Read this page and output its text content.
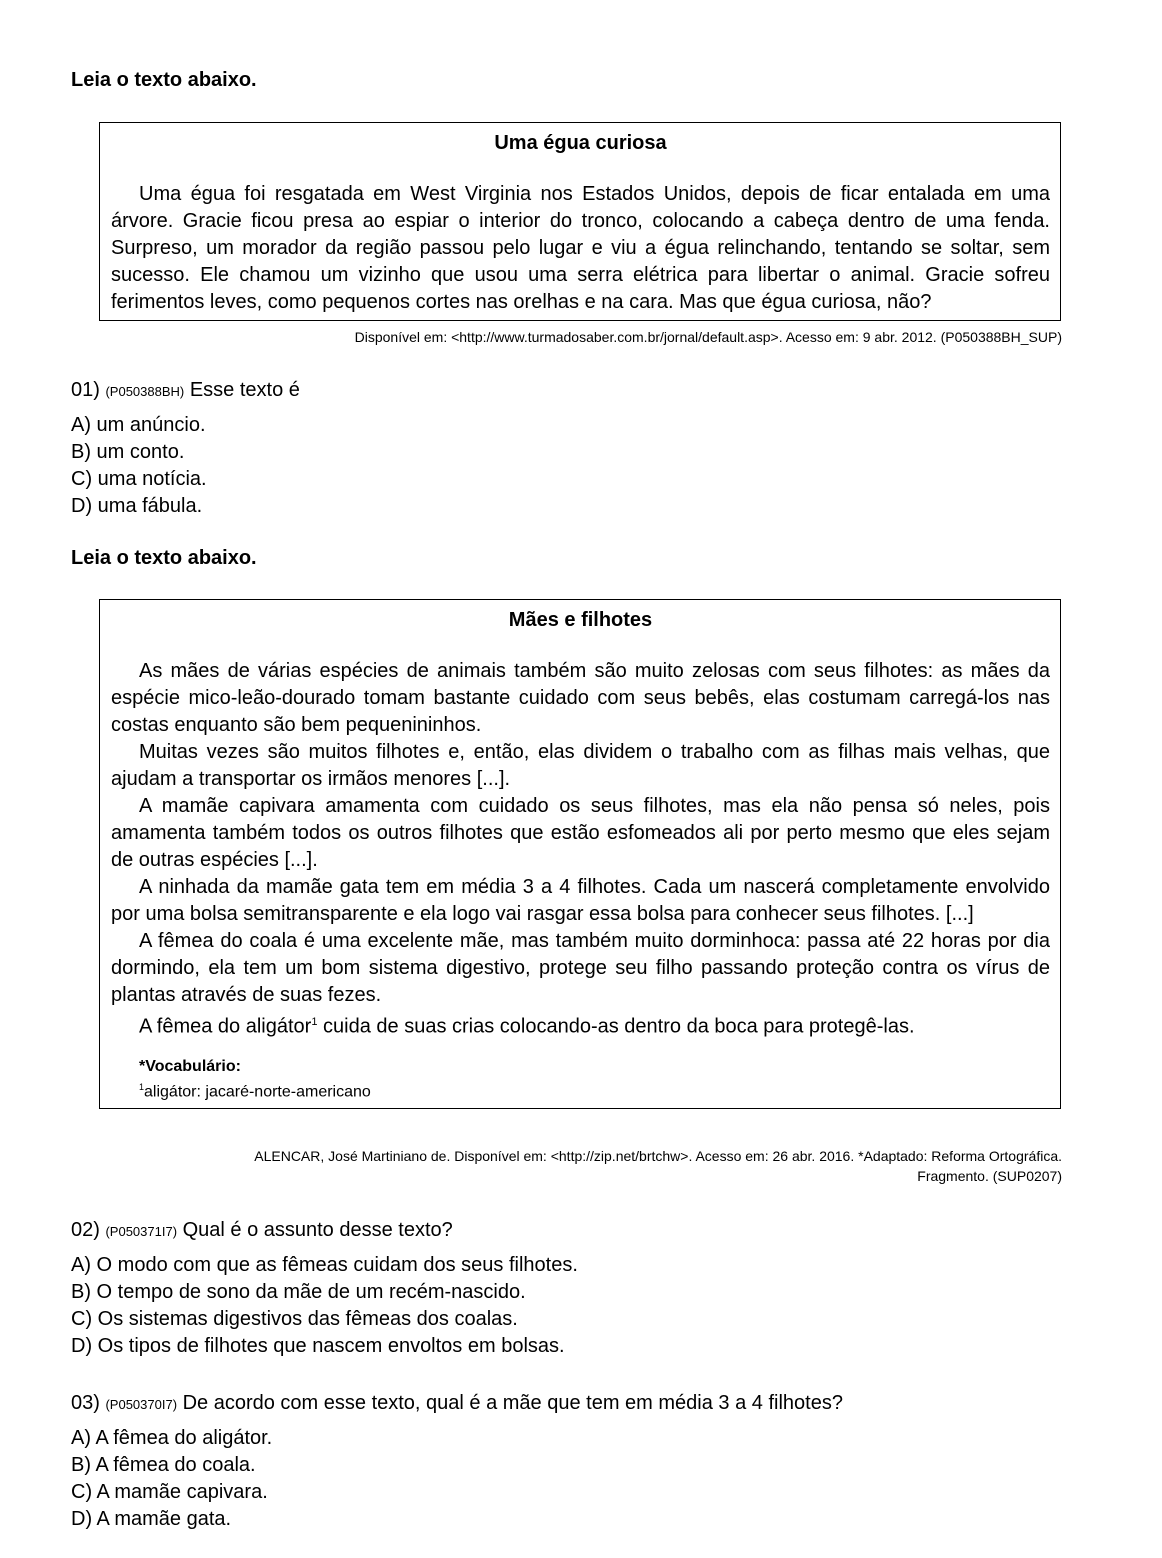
Leia o texto abaixo.
Uma égua curiosa

Uma égua foi resgatada em West Virginia nos Estados Unidos, depois de ficar entalada em uma árvore. Gracie ficou presa ao espiar o interior do tronco, colocando a cabeça dentro de uma fenda. Surpreso, um morador da região passou pelo lugar e viu a égua relinchando, tentando se soltar, sem sucesso. Ele chamou um vizinho que usou uma serra elétrica para libertar o animal. Gracie sofreu ferimentos leves, como pequenos cortes nas orelhas e na cara. Mas que égua curiosa, não?

Disponível em: <http://www.turmadosaber.com.br/jornal/default.asp>. Acesso em: 9 abr. 2012. (P050388BH_SUP)
01) (P050388BH) Esse texto é
A) um anúncio.
B) um conto.
C) uma notícia.
D) uma fábula.
Leia o texto abaixo.
Mães e filhotes

As mães de várias espécies de animais também são muito zelosas com seus filhotes: as mães da espécie mico-leão-dourado tomam bastante cuidado com seus bebês, elas costumam carregá-los nas costas enquanto são bem pequenininhos.

Muitas vezes são muitos filhotes e, então, elas dividem o trabalho com as filhas mais velhas, que ajudam a transportar os irmãos menores [...].

A mamãe capivara amamenta com cuidado os seus filhotes, mas ela não pensa só neles, pois amamenta também todos os outros filhotes que estão esfomeados ali por perto mesmo que eles sejam de outras espécies [...].

A ninhada da mamãe gata tem em média 3 a 4 filhotes. Cada um nascerá completamente envolvido por uma bolsa semitransparente e ela logo vai rasgar essa bolsa para conhecer seus filhotes. [...]

A fêmea do coala é uma excelente mãe, mas também muito dorminhoca: passa até 22 horas por dia dormindo, ela tem um bom sistema digestivo, protege seu filho passando proteção contra os vírus de plantas através de suas fezes.

A fêmea do aligátor$^1$ cuida de suas crias colocando-as dentro da boca para protegê-las.

*Vocabulário:
$^1$aligátor: jacaré-norte-americano
ALENCAR, José Martiniano de. Disponível em: <http://zip.net/brtchw>. Acesso em: 26 abr. 2016. *Adaptado: Reforma Ortográfica.
Fragmento. (SUP0207)
02) (P050371I7) Qual é o assunto desse texto?
A) O modo com que as fêmeas cuidam dos seus filhotes.
B) O tempo de sono da mãe de um recém-nascido.
C) Os sistemas digestivos das fêmeas dos coalas.
D) Os tipos de filhotes que nascem envoltos em bolsas.
03) (P050370I7) De acordo com esse texto, qual é a mãe que tem em média 3 a 4 filhotes?
A) A fêmea do aligátor.
B) A fêmea do coala.
C) A mamãe capivara.
D) A mamãe gata.
